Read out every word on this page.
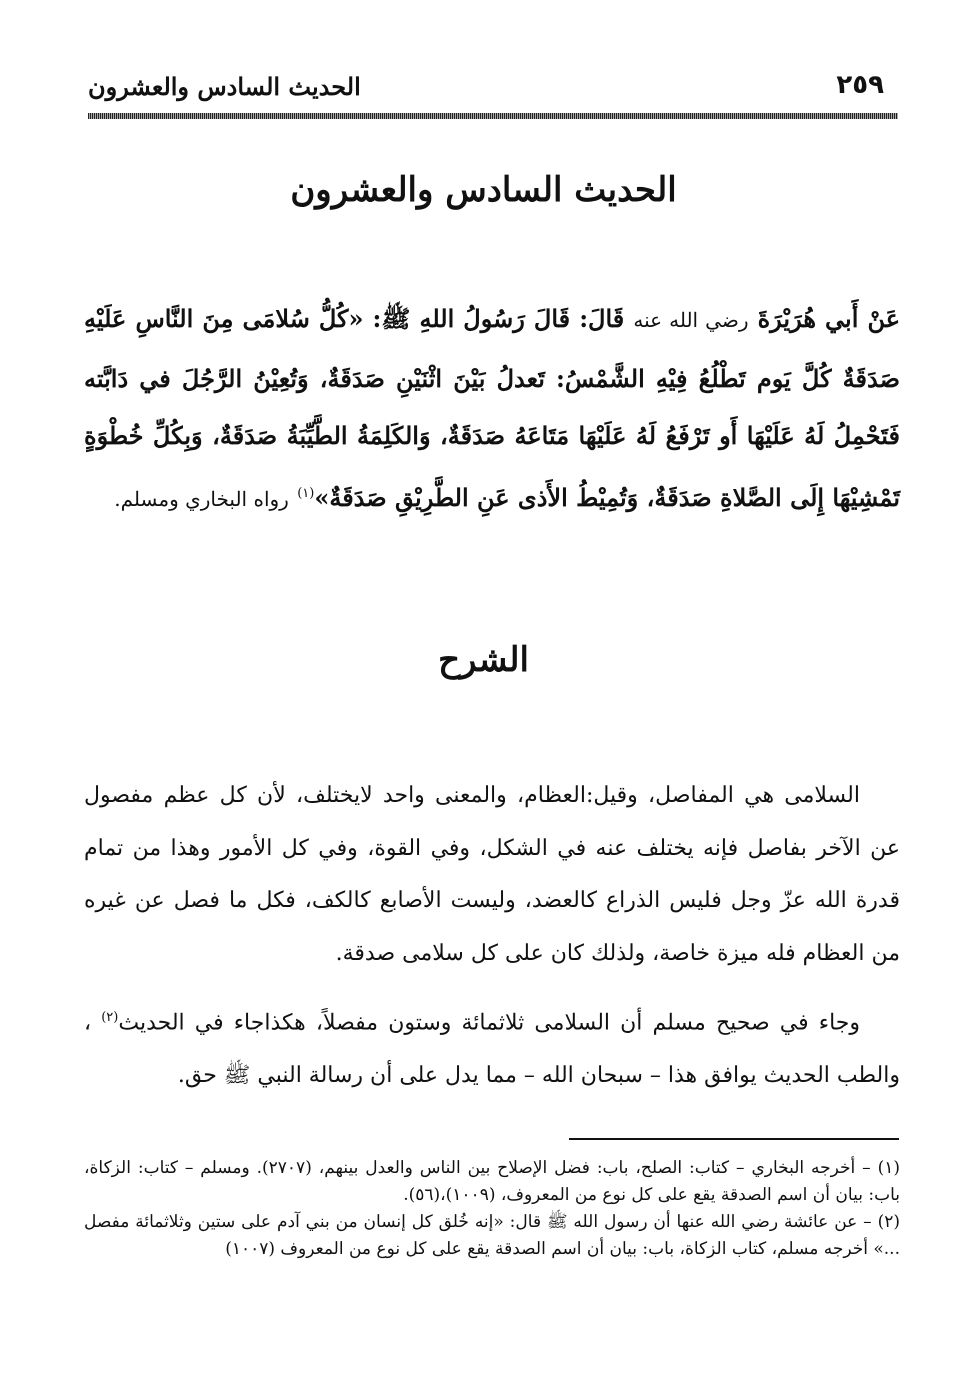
٢٥٩
الحديث السادس والعشرون
الحديث السادس والعشرون
عَنْ أَبي هُرَيْرَةَ رضي الله عنه قَالَ: قَالَ رَسُولُ اللهِ ﷺ: «كُلُّ سُلامَى مِنَ النَّاسِ عَلَيْهِ صَدَقَةٌ كُلَّ يَوم تَطْلُعُ فِيْهِ الشَّمْسُ: تَعدلُ بَيْنَ اثْنَيْنِ صَدَقَةٌ، وَتُعِيْنُ الرَّجُلَ في دَابَّته فَتَحْمِلُ لَهُ عَلَيْهَا أَو تَرْفَعُ لَهُ عَلَيْهَا مَتَاعَهُ صَدَقَةٌ، وَالكَلِمَةُ الطَّيِّبَةُ صَدَقَةٌ، وَبِكُلِّ خُطْوَةٍ تَمْشِيْهَا إِلَى الصَّلاةِ صَدَقَةٌ، وَتُمِيْطُ الأَذى عَنِ الطَّرِيْقِ صَدَقَةٌ»$^{(١)}$ رواه البخاري ومسلم.
الشرح

السلامى هي المفاصل، وقيل:العظام، والمعنى واحد لايختلف، لأن كل عظم مفصول عن الآخر بفاصل فإنه يختلف عنه في الشكل، وفي القوة، وفي كل الأمور وهذا من تمام قدرة الله عزّ وجل فليس الذراع كالعضد، وليست الأصابع كالكف، فكل ما فصل عن غيره من العظام فله ميزة خاصة، ولذلك كان على كل سلامى صدقة.

وجاء في صحيح مسلم أن السلامى ثلاثمائة وستون مفصلاً، هكذاجاء في الحديث$^{(٢)}$ ، والطب الحديث يوافق هذا – سبحان الله – مما يدل على أن رسالة النبي ﷺ حق.

(١) – أخرجه البخاري – كتاب: الصلح، باب: فضل الإصلاح بين الناس والعدل بينهم، (٢٧٠٧). ومسلم – كتاب: الزكاة، باب: بيان أن اسم الصدقة يقع على كل نوع من المعروف، (١٠٠٩)،(٥٦).

(٢) – عن عائشة رضي الله عنها أن رسول الله ﷺ قال: «إنه خُلق كل إنسان من بني آدم على ستين وثلاثمائة مفصل ...» أخرجه مسلم، كتاب الزكاة، باب: بيان أن اسم الصدقة يقع على كل نوع من المعروف (١٠٠٧)
